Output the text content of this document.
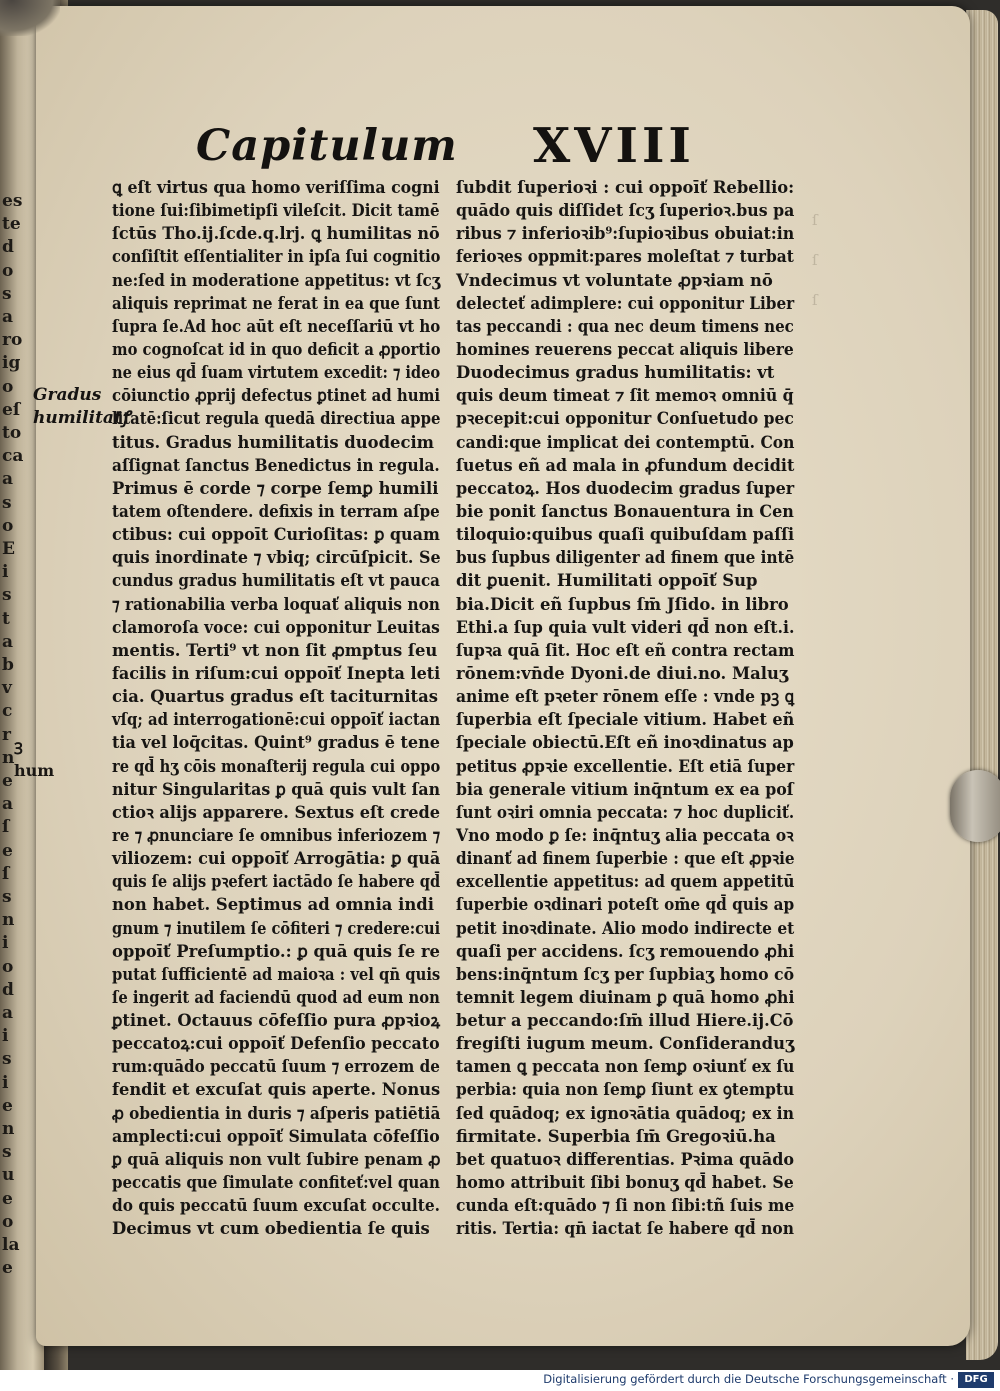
es
te
d
o
s
a
ro
ig
o
eſ
to
ca
a
s
o
E
i
s
t
a
b
v
c
r
n
e
a
ſ
e
ſ
s
n
i
o
d
a
i
s
i
e
n
s
u
e
o
la
e
Capitulum XVIII
Gradus
humilitatꝭ
Ꝫ
hum
ſ
ſ
ſ
ꝗ eſt virtus qua homo veriſſima cogni
tione ſui:ſibimetipſi vileſcit. Dicit tamē
ſctūs Tho.ij.ſcde.q.lrj. ꝗ humilitas nō
conſiſtit eſſentialiter in ipſa ſui cognitio
ne:ſed in moderatione appetitus: vt ſcʒ
aliquis reprimat ne ferat in ea que ſunt
ſupra ſe.Ad hoc aūt eſt neceſſariū vt ho
mo cognoſcat id in quo deficit a ꝓportio
ne eius qd̄ ſuam virtutem excedit: ⁊ ideo
cōiunctio ꝓprij defectus ꝑtinet ad humi
litatē:ſicut regula quedā directiua appe
titus. Gradus humilitatis duodecim
aſſignat ſanctus Benedictus in regula.
Primus ē corde ⁊ corpe ſemꝑ humili
tatem oſtendere. defixis in terram aſpe
ctibus: cui oppoīt Curioſitas: ꝑ quam
quis inordinate ⁊ vbiq; circūſpicit. Se
cundus gradus humilitatis eſt vt pauca
⁊ rationabilia verba loquať aliquis non
clamoroſa voce: cui opponitur Leuitas
mentis. Terti⁹ vt non ſit ꝓmptus ſeu
facilis in riſum:cui oppoīť Inepta leti
cia. Quartus gradus eſt taciturnitas
vſq; ad interrogationē:cui oppoīť iactan
tia vel loq̄citas. Quint⁹ gradus ē tene
re qd̄ hʒ cōis monaſterij regula cui oppo
nitur Singularitas ꝑ quā quis vult ſan
ctioꝛ alijs apparere. Sextus eſt crede
re ⁊ ꝓnunciare ſe omnibus inferiozem ⁊
viliozem: cui oppoīť Arrogātia: ꝑ quā
quis ſe alijs pꝛefert iactādo ſe habere qd̄
non habet. Septimus ad omnia indi
gnum ⁊ inutilem ſe cōfiteri ⁊ credere:cui
oppoīť Preſumptio.: ꝑ quā quis ſe re
putat ſufficientē ad maioꝛa : vel qn̄ quis
ſe ingerit ad faciendū quod ad eum non
ꝑtinet. Octauus cōfeſſio pura ꝓpꝛioꝝ
peccatoꝝ:cui oppoīť Defenſio peccato
rum:quādo peccatū ſuum ⁊ errozem de
fendit et excuſat quis aperte. Nonus
ꝓ obedientia in duris ⁊ aſperis patiētiā
amplecti:cui oppoīť Simulata cōfeſſio
ꝑ quā aliquis non vult ſubire penam ꝓ
peccatis que ſimulate confiteť:vel quan
do quis peccatū ſuum excuſat occulte.
Decimus vt cum obedientia ſe quis
ſubdit ſuperioꝛi : cui oppoīť Rebellio:
quādo quis diſſidet ſcʒ ſuperioꝛ.bus pa
ribus ⁊ inferioꝛib⁹:ſupioꝛibus obuiat:in
ferioꝛes oppmit:pares moleſtat ⁊ turbat
Vndecimus vt voluntate ꝓpꝛiam nō
delecteť adimplere: cui opponitur Liber
tas peccandi : qua nec deum timens nec
homines reuerens peccat aliquis libere
Duodecimus gradus humilitatis: vt
quis deum timeat ⁊ ſit memoꝛ omniū q̄
pꝛecepit:cui opponitur Conſuetudo pec
candi:que implicat dei contemptū. Con
ſuetus eñ ad mala in ꝓfundum decidit
peccatoꝝ. Hos duodecim gradus ſuper
bie ponit ſanctus Bonauentura in Cen
tiloquio:quibus quaſi quibuſdam paſſi
bus ſupbus diligenter ad finem que intē
dit ꝑuenit. Humilitati oppoīť Sup
bia.Dicit eñ ſupbus ſm̄ Jſido. in libro
Ethi.a ſup quia vult videri qd̄ non eſt.i.
ſupꝛa quā ſit. Hoc eſt eñ contra rectam
rōnem:vn̄de Dyoni.de diui.no. Maluʒ
anime eſt pꝛeter rōnem eſſe : vnde pꝫ ꝗ
ſuperbia eſt ſpeciale vitium. Habet eñ
ſpeciale obiectū.Eſt eñ inoꝛdinatus ap
petitus ꝓpꝛie excellentie. Eſt etiā ſuper
bia generale vitium inq̄ntum ex ea poſ
ſunt oꝛiri omnia peccata: ⁊ hoc dupliciť.
Vno modo ꝑ ſe: inq̄ntuʒ alia peccata oꝛ
dinanť ad finem ſuperbie : que eſt ꝓpꝛie
excellentie appetitus: ad quem appetitū
ſuperbie oꝛdinari poteſt om̄e qd̄ quis ap
petit inoꝛdinate. Alio modo indirecte et
quaſi per accidens. ſcʒ remouendo ꝓhi
bens:inq̄ntum ſcʒ per ſupbiaʒ homo cō
temnit legem diuinam ꝑ quā homo ꝓhi
betur a peccando:ſm̄ illud Hiere.ij.Cō
fregiſti iugum meum. Conſideranduʒ
tamen ꝗ peccata non ſemꝑ oꝛiunť ex ſu
perbia: quia non ſemꝑ ſiunt ex ꝯtemptu
ſed quādoq; ex ignoꝛātia quādoq; ex in
firmitate. Superbia ſm̄ Gregoꝛiū.ha
bet quatuoꝛ differentias. Pꝛima quādo
homo attribuit ſibi bonuʒ qd̄ habet. Se
cunda eſt:quādo ⁊ ſi non ſibi:tñ ſuis me
ritis. Tertia: qn̄ iactat ſe habere qd̄ non
Digitalisierung gefördert durch die Deutsche Forschungsgemeinschaft ·	DFG
